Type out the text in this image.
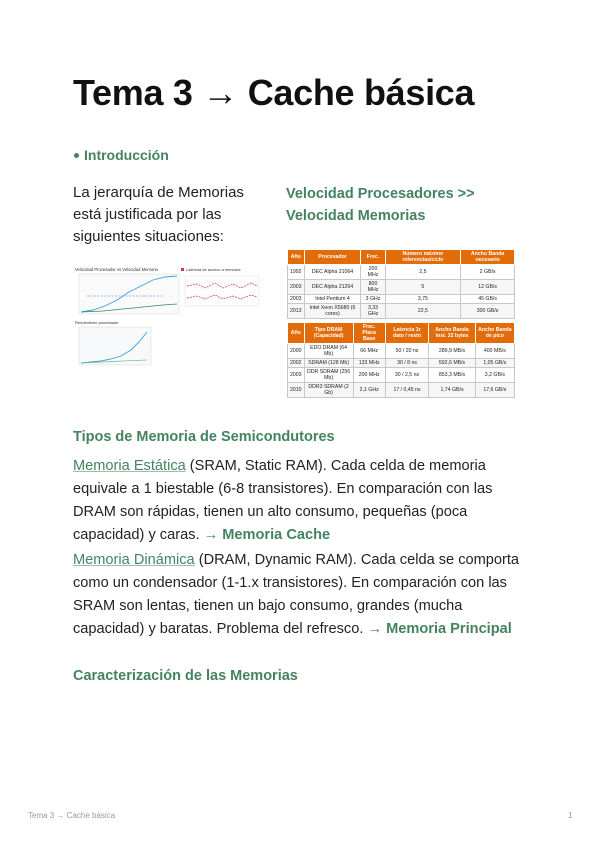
Tema 3 → Cache básica
Introducción
La jerarquía de Memorias está justificada por las siguientes situaciones:
Velocidad Procesadores >>
Velocidad Memorias
Velocidad Procesador vs Velocidad Memoria	Latencia de acceso a memoria
Rendimiento procesador
Año	Procesador	Frec.	Número máximo referencias/ciclo	Ancho Banda necesario
1992	DEC Alpha 21064	200 MHz	2,5	2 GB/s
2003	DEC Alpha 21264	800 MHz	5	12 GB/s
2003	Intel Pentium 4	3 GHz	3,75	45 GB/s
2013	Intel Xeon X5680 (6 cores)	3,33 GHz	22,5	300 GB/s
Año	Tipo DRAM (Capacidad)	Frec. Placa Base	Latencia 1r dato / resto	Ancho Banda inst. 32 bytes	Ancho Banda de pico
2000	EDO DRAM (64 Mb)	66 MHz	50 / 20 ns	289,9 MB/s	400 MB/s
2002	SDRAM (128 Mb)	133 MHz	30 / 8 ns	592,6 MB/s	1,05 GB/s
2003	DDR SDRAM (256 Mb)	200 MHz	30 / 2,5 ns	853,3 MB/s	3,2 GB/s
2010	DDR3 SDRAM (2 Gb)	2,1 GHz	17 / 0,45 ns	1,74 GB/s	17,6 GB/s
Tipos de Memoria de Semicondutores
Memoria Estática (SRAM, Static RAM). Cada celda de memoria equivale a 1 biestable (6-8 transistores). En comparación con las DRAM son rápidas, tienen un alto consumo, pequeñas (poca capacidad) y caras. → Memoria Cache
Memoria Dinámica (DRAM, Dynamic RAM). Cada celda se comporta como un condensador (1-1.x transistores). En comparación con las SRAM son lentas, tienen un bajo consumo, grandes (mucha capacidad) y baratas. Problema del refresco. → Memoria Principal
Caracterización de las Memorias
Tema 3 → Cache básica	1
